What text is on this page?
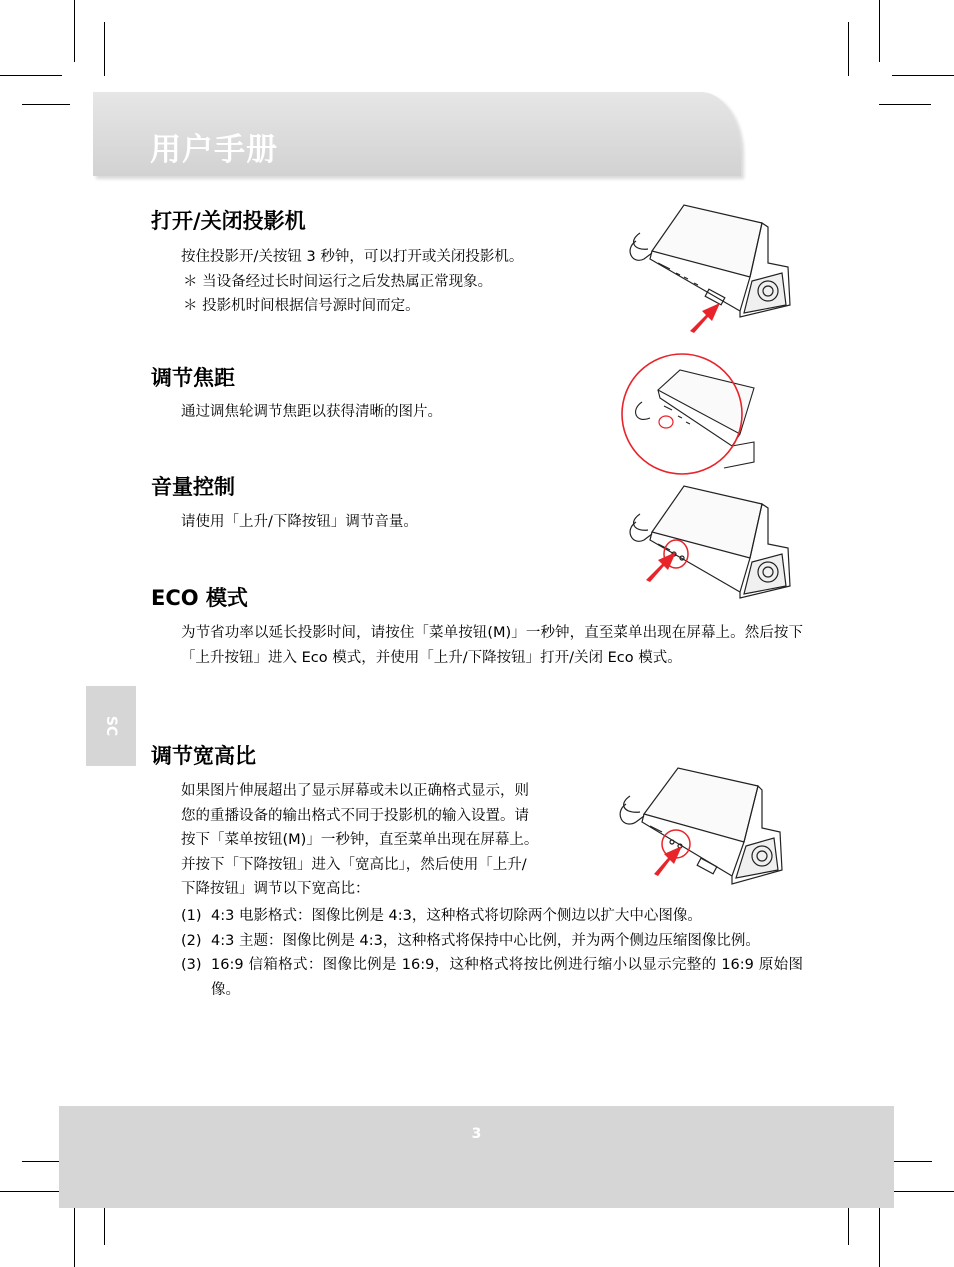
用户手册
打开/关闭投影机

按住投影开/关按钮 3 秒钟，可以打开或关闭投影机。

＊ 当设备经过长时间运行之后发热属正常现象。

＊ 投影机时间根据信号源时间而定。

调节焦距

通过调焦轮调节焦距以获得清晰的图片。

音量控制

请使用「上升/下降按钮」调节音量。

ECO 模式
为节省功率以延长投影时间，请按住「菜单按钮(M)」一秒钟，直至菜单出现在屏幕上。然后按下「上升按钮」进入 Eco 模式，并使用「上升/下降按钮」打开/关闭 Eco 模式。
SC
调节宽高比

如果图片伸展超出了显示屏幕或未以正确格式显示，则

您的重播设备的输出格式不同于投影机的输入设置。请

按下「菜单按钮(M)」一秒钟，直至菜单出现在屏幕上。

并按下「下降按钮」进入「宽高比」，然后使用「上升/

下降按钮」调节以下宽高比：

(1) 4:3 电影格式：图像比例是 4:3，这种格式将切除两个侧边以扩大中心图像。
(2) 4:3 主题：图像比例是 4:3，这种格式将保持中心比例，并为两个侧边压缩图像比例。
(3) 16:9 信箱格式：图像比例是 16:9，这种格式将按比例进行缩小以显示完整的 16:9 原始图像。
3
